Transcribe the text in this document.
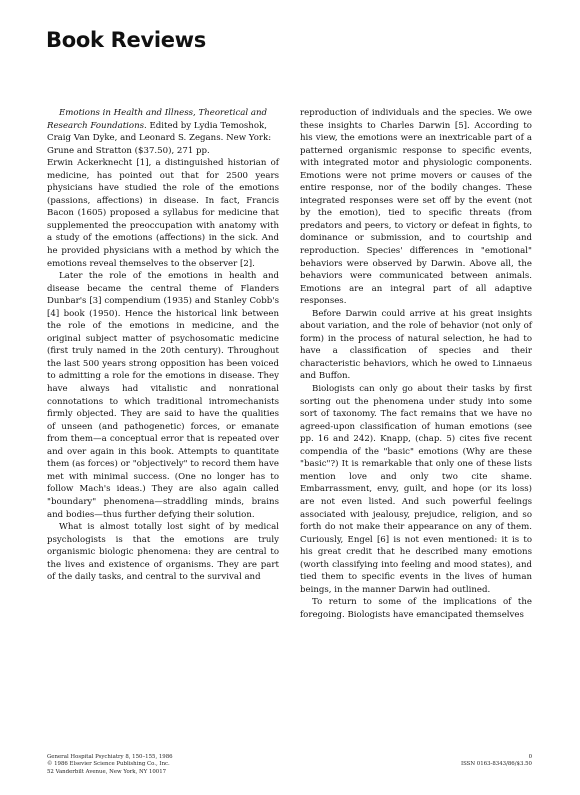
Book Reviews

Emotions in Health and Illness, Theoretical and Research Foundations. Edited by Lydia Temoshok, Craig Van Dyke, and Leonard S. Zegans. New York: Grune and Stratton ($37.50), 271 pp.

Erwin Ackerknecht [1], a distinguished historian of medicine, has pointed out that for 2500 years physicians have studied the role of the emotions (passions, affections) in disease. In fact, Francis Bacon (1605) proposed a syllabus for medicine that supplemented the preoccupation with anatomy with a study of the emotions (affections) in the sick. And he provided physicians with a method by which the emotions reveal themselves to the observer [2].

Later the role of the emotions in health and disease became the central theme of Flanders Dunbar's [3] compendium (1935) and Stanley Cobb's [4] book (1950). Hence the historical link between the role of the emotions in medicine, and the original subject matter of psychosomatic medicine (first truly named in the 20th century). Throughout the last 500 years strong opposition has been voiced to admitting a role for the emotions in disease. They have always had vitalistic and nonrational connotations to which traditional intromechanists firmly objected. They are said to have the qualities of unseen (and pathogenetic) forces, or emanate from them—a conceptual error that is repeated over and over again in this book. Attempts to quantitate them (as forces) or "objectively" to record them have met with minimal success. (One no longer has to follow Mach's ideas.) They are also again called "boundary" phenomena—straddling minds, brains and bodies—thus further defying their solution.

What is almost totally lost sight of by medical psychologists is that the emotions are truly organismic biologic phenomena: they are central to the lives and existence of organisms. They are part of the daily tasks, and central to the survival and

reproduction of individuals and the species. We owe these insights to Charles Darwin [5]. According to his view, the emotions were an inextricable part of a patterned organismic response to specific events, with integrated motor and physiologic components. Emotions were not prime movers or causes of the entire response, nor of the bodily changes. These integrated responses were set off by the event (not by the emotion), tied to specific threats (from predators and peers, to victory or defeat in fights, to dominance or submission, and to courtship and reproduction. Species' differences in "emotional" behaviors were observed by Darwin. Above all, the behaviors were communicated between animals. Emotions are an integral part of all adaptive responses.

Before Darwin could arrive at his great insights about variation, and the role of behavior (not only of form) in the process of natural selection, he had to have a classification of species and their characteristic behaviors, which he owed to Linnaeus and Buffon.

Biologists can only go about their tasks by first sorting out the phenomena under study into some sort of taxonomy. The fact remains that we have no agreed-upon classification of human emotions (see pp. 16 and 242). Knapp, (chap. 5) cites five recent compendia of the "basic" emotions (Why are these "basic"?) It is remarkable that only one of these lists mention love and only two cite shame. Embarrassment, envy, guilt, and hope (or its loss) are not even listed. And such powerful feelings associated with jealousy, prejudice, religion, and so forth do not make their appearance on any of them. Curiously, Engel [6] is not even mentioned: it is to his great credit that he described many emotions (worth classifying into feeling and mood states), and tied them to specific events in the lives of human beings, in the manner Darwin had outlined.

To return to some of the implications of the foregoing. Biologists have emancipated themselves

General Hospital Psychiatry 8, 150–155, 1986
© 1986 Elsevier Science Publishing Co., Inc.
52 Vanderbilt Avenue, New York, NY 10017
0
ISSN 0163-8343/86/$3.50
